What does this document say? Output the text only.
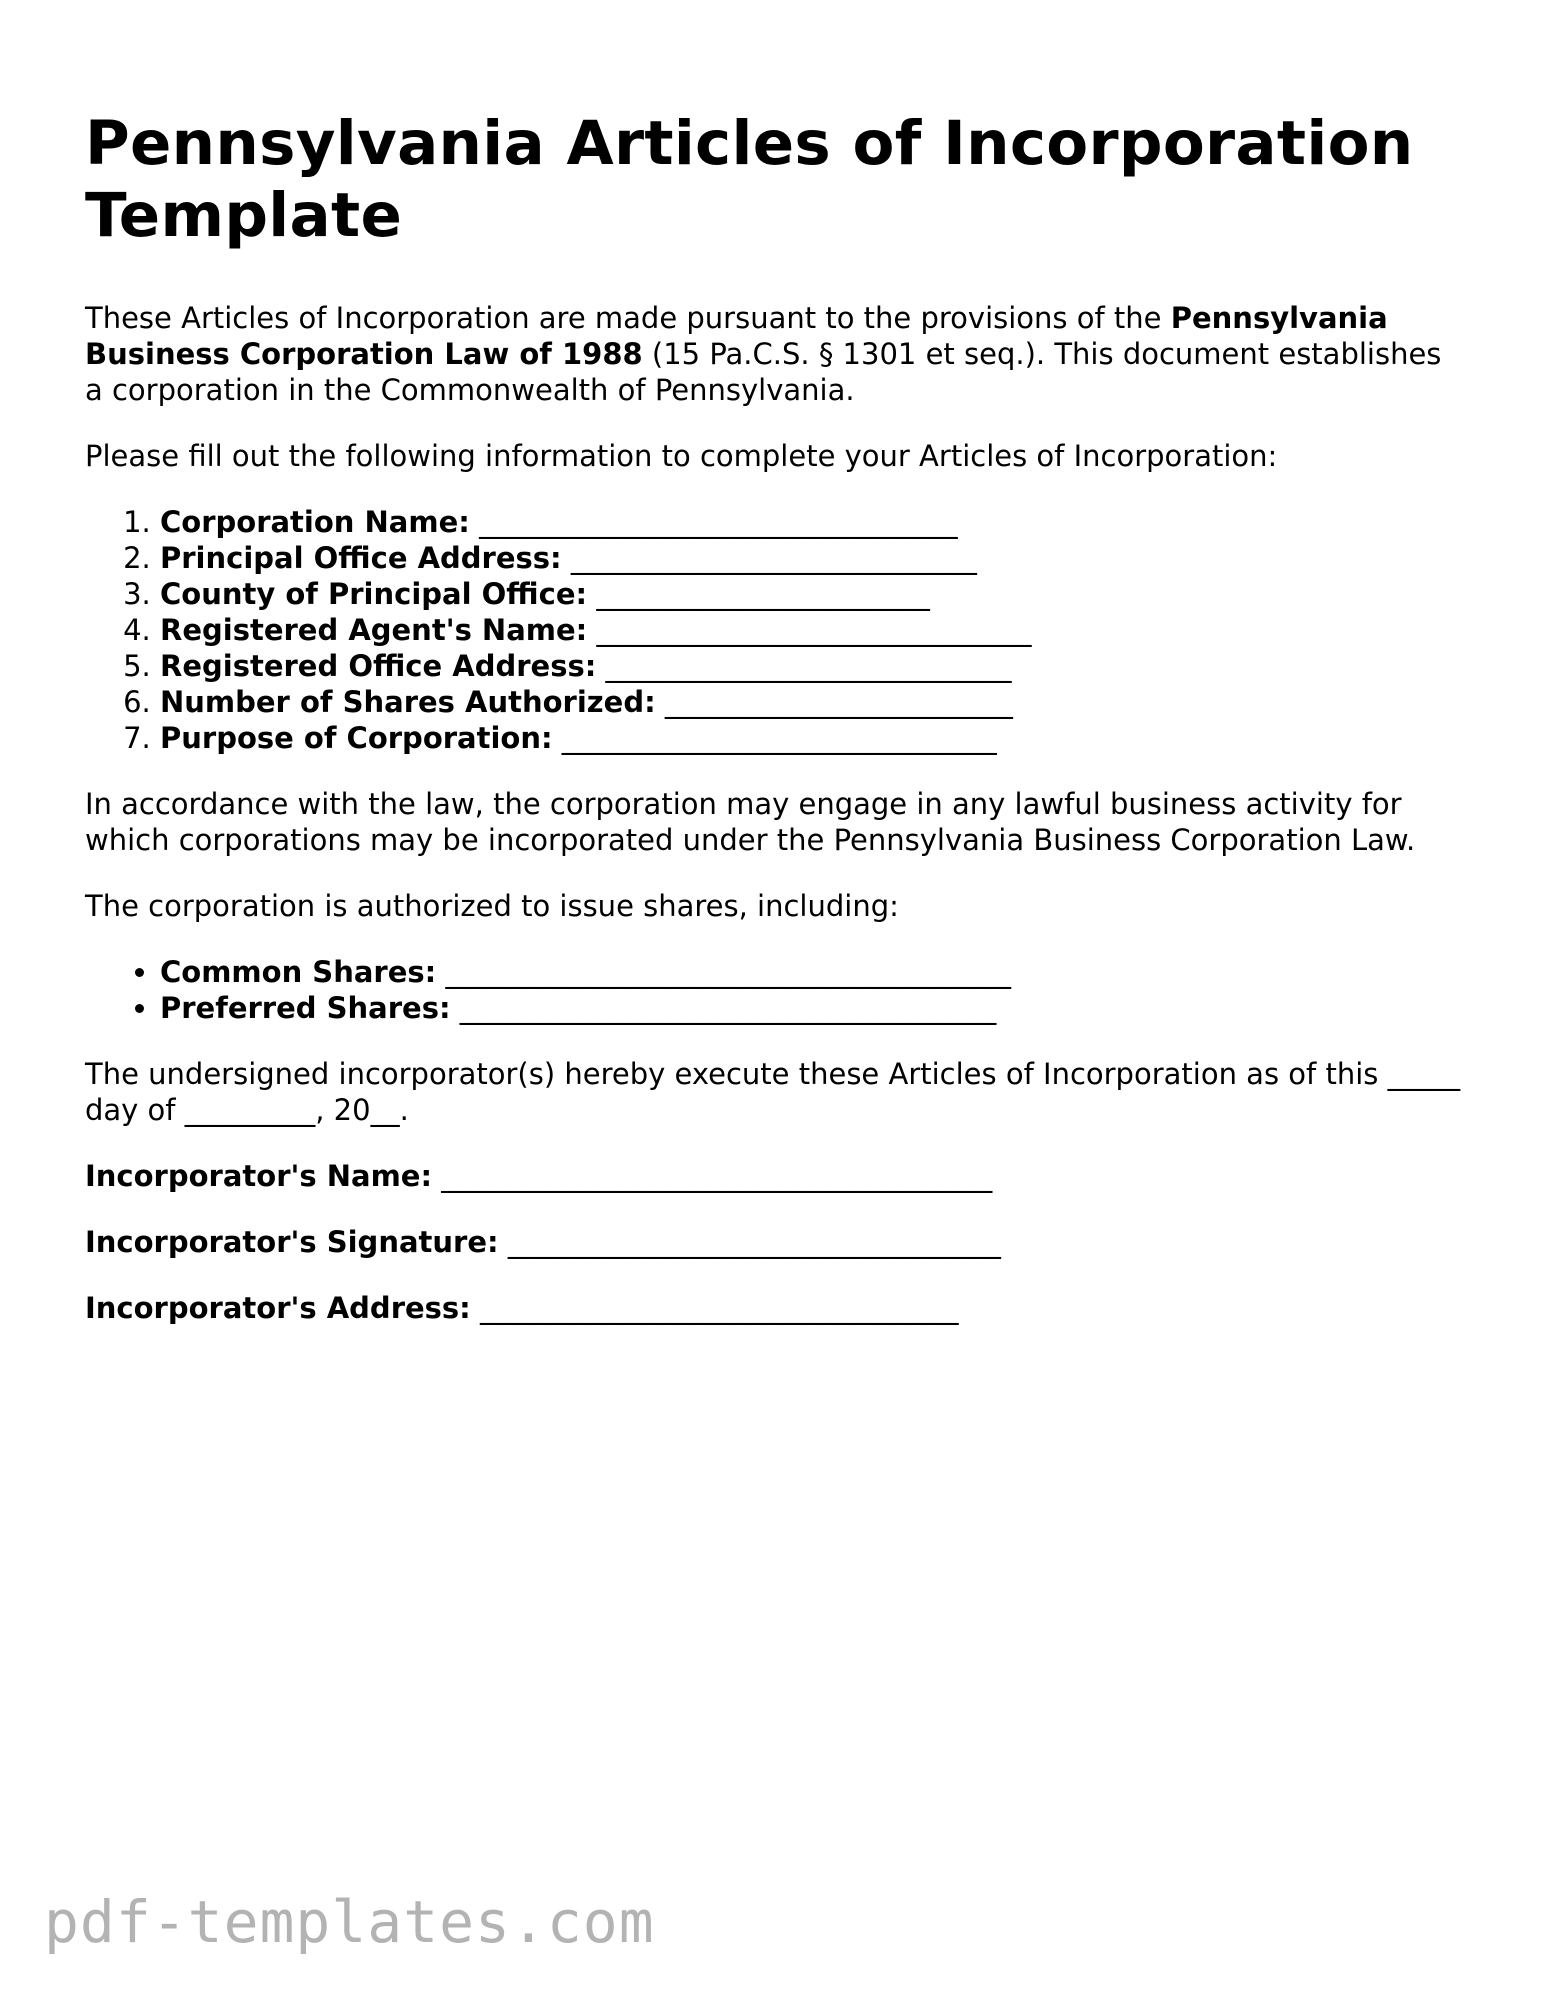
Pennsylvania Articles of Incorporation Template

These Articles of Incorporation are made pursuant to the provisions of the Pennsylvania Business Corporation Law of 1988 (15 Pa.C.S. § 1301 et seq.). This document establishes a corporation in the Commonwealth of Pennsylvania.

Please fill out the following information to complete your Articles of Incorporation:

1. Corporation Name: _________________________________
2. Principal Office Address: ____________________________
3. County of Principal Office: _______________________
4. Registered Agent's Name: ______________________________
5. Registered Office Address: ____________________________
6. Number of Shares Authorized: ________________________
7. Purpose of Corporation: ______________________________

In accordance with the law, the corporation may engage in any lawful business activity for which corporations may be incorporated under the Pennsylvania Business Corporation Law.

The corporation is authorized to issue shares, including:

• Common Shares: _______________________________________
• Preferred Shares: _____________________________________

The undersigned incorporator(s) hereby execute these Articles of Incorporation as of this _____ day of _________, 20__.

Incorporator's Name: ______________________________________

Incorporator's Signature: __________________________________

Incorporator's Address: _________________________________

pdf-templates.com
